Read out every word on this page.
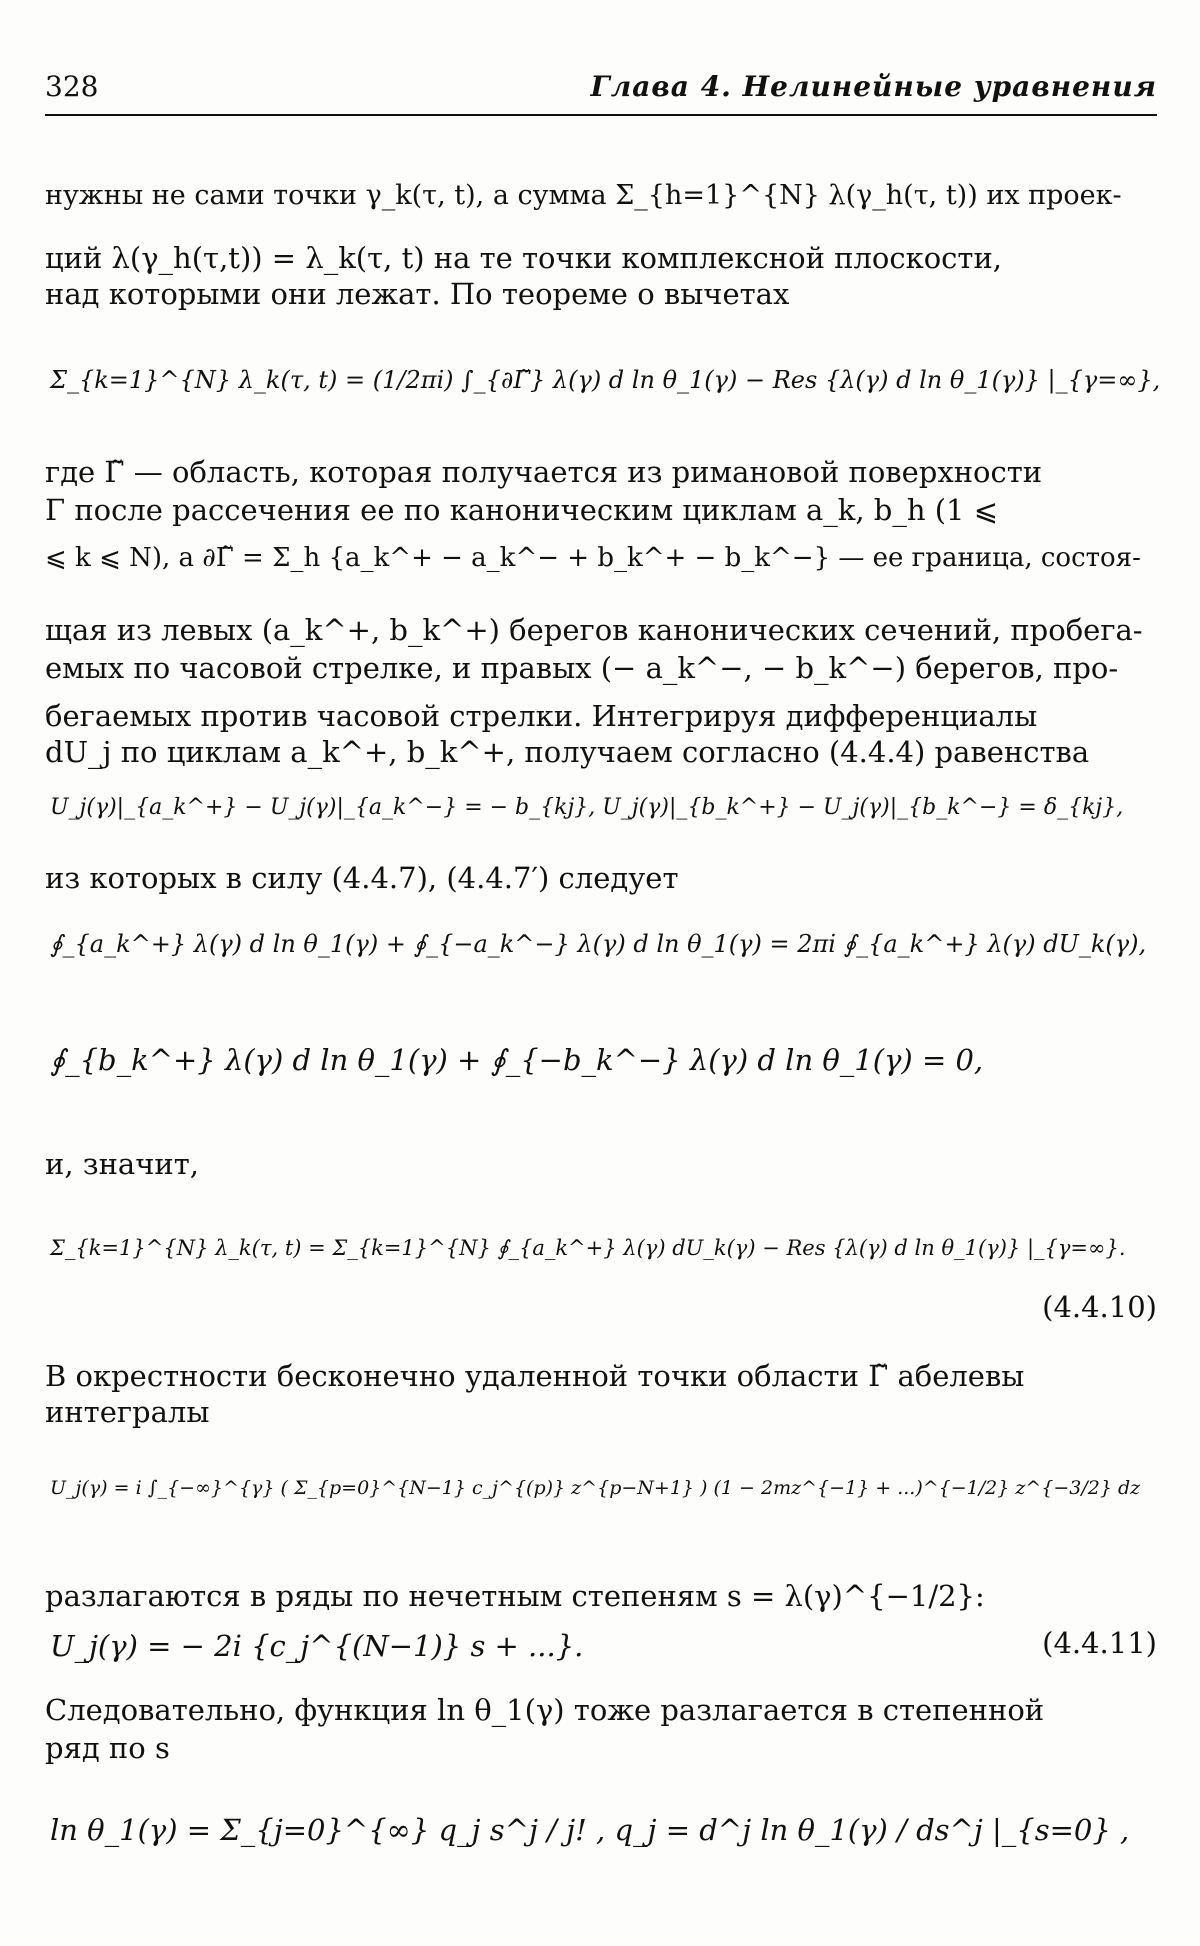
328	Глава 4. Нелинейные уравнения
нужны не сами точки γ_k(τ, t), а сумма Σ_{h=1}^{N} λ(γ_h(τ, t)) их проек-
ций λ(γ_h(τ,t)) = λ_k(τ, t) на те точки комплексной плоскости,
над которыми они лежат. По теореме о вычетах
Σ_{k=1}^{N} λ_k(τ, t) = (1/2πi) ∫_{∂Γ̃} λ(γ) d ln θ_1(γ) − Res {λ(γ) d ln θ_1(γ)} |_{γ=∞},
где Γ̃ — область, которая получается из римановой поверхности
Γ после рассечения ее по каноническим циклам a_k, b_h (1 ⩽
⩽ k ⩽ N), а ∂Γ̃ = Σ_h {a_k^+ − a_k^− + b_k^+ − b_k^−} — ее граница, состоя-
щая из левых (a_k^+, b_k^+) берегов канонических сечений, пробега-
емых по часовой стрелке, и правых (− a_k^−, − b_k^−) берегов, про-
бегаемых против часовой стрелки. Интегрируя дифференциалы
dU_j по циклам a_k^+, b_k^+, получаем согласно (4.4.4) равенства
U_j(γ)|_{a_k^+} − U_j(γ)|_{a_k^−} = − b_{kj}, U_j(γ)|_{b_k^+} − U_j(γ)|_{b_k^−} = δ_{kj},
из которых в силу (4.4.7), (4.4.7′) следует
∮_{a_k^+} λ(γ) d ln θ_1(γ) + ∮_{−a_k^−} λ(γ) d ln θ_1(γ) = 2πi ∮_{a_k^+} λ(γ) dU_k(γ),
∮_{b_k^+} λ(γ) d ln θ_1(γ) + ∮_{−b_k^−} λ(γ) d ln θ_1(γ) = 0,
и, значит,
Σ_{k=1}^{N} λ_k(τ, t) = Σ_{k=1}^{N} ∮_{a_k^+} λ(γ) dU_k(γ) − Res {λ(γ) d ln θ_1(γ)} |_{γ=∞}.
(4.4.10)
В окрестности бесконечно удаленной точки области Γ̃ абелевы
интегралы
U_j(γ) = i ∫_{−∞}^{γ} ( Σ_{p=0}^{N−1} c_j^{(p)} z^{p−N+1} ) (1 − 2mz^{−1} + ...)^{−1/2} z^{−3/2} dz
разлагаются в ряды по нечетным степеням s = λ(γ)^{−1/2}:
U_j(γ) = − 2i {c_j^{(N−1)} s + ...}.	(4.4.11)
Следовательно, функция ln θ_1(γ) тоже разлагается в степенной
ряд по s
ln θ_1(γ) = Σ_{j=0}^{∞} q_j s^j / j! , q_j = d^j ln θ_1(γ) / ds^j |_{s=0} ,
